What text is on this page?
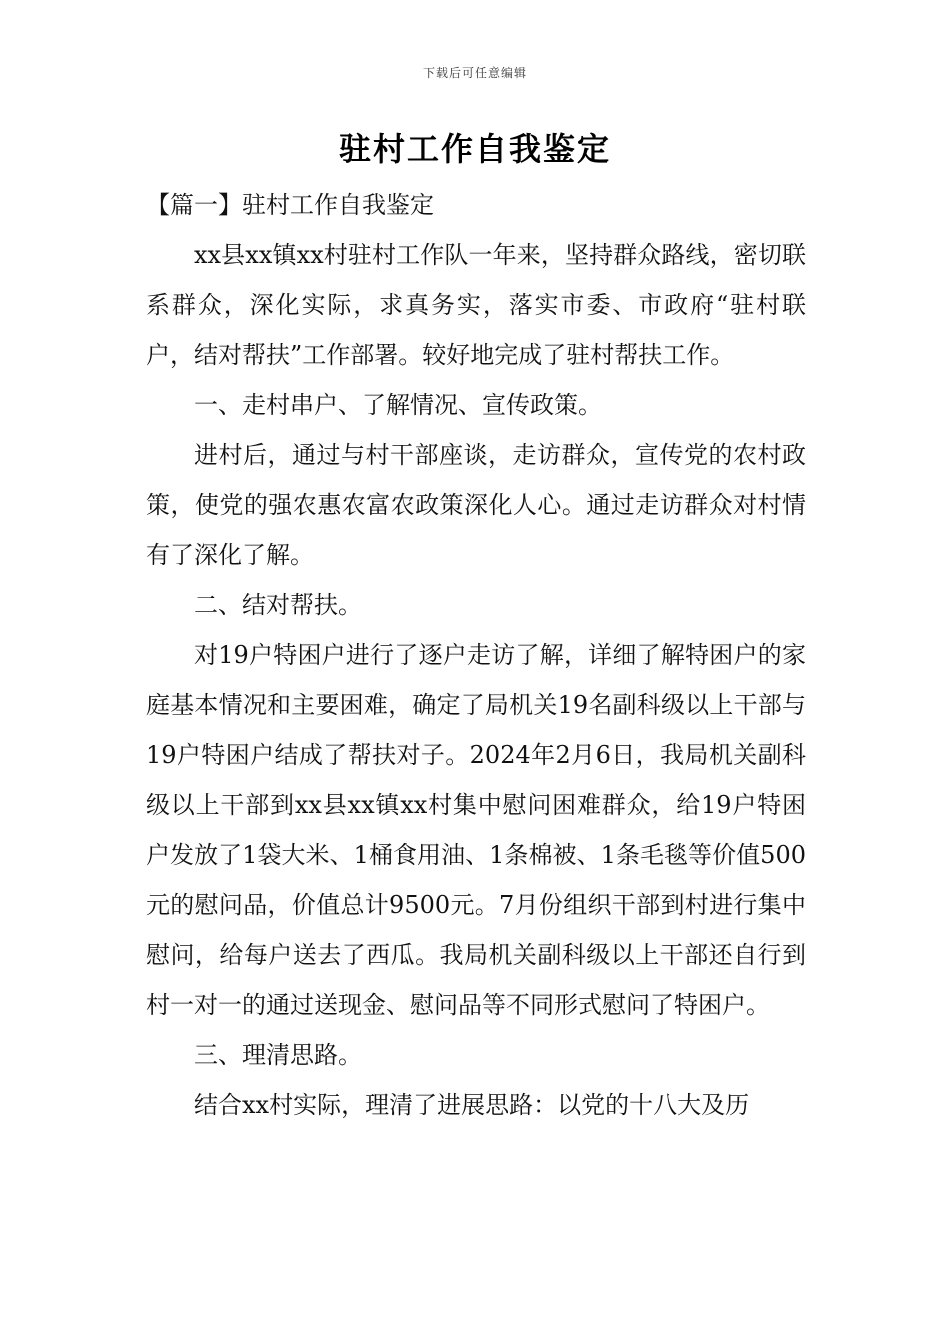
下载后可任意编辑
驻村工作自我鉴定

【篇一】驻村工作自我鉴定

xx县xx镇xx村驻村工作队一年来，坚持群众路线，密切联系群众，深化实际，求真务实，落实市委、市政府“驻村联户，结对帮扶”工作部署。较好地完成了驻村帮扶工作。

一、走村串户、了解情况、宣传政策。

进村后，通过与村干部座谈，走访群众，宣传党的农村政策，使党的强农惠农富农政策深化人心。通过走访群众对村情有了深化了解。

二、结对帮扶。

对19户特困户进行了逐户走访了解，详细了解特困户的家庭基本情况和主要困难，确定了局机关19名副科级以上干部与19户特困户结成了帮扶对子。2024年2月6日，我局机关副科级以上干部到xx县xx镇xx村集中慰问困难群众，给19户特困户发放了1袋大米、1桶食用油、1条棉被、1条毛毯等价值500元的慰问品，价值总计9500元。7月份组织干部到村进行集中慰问，给每户送去了西瓜。我局机关副科级以上干部还自行到村一对一的通过送现金、慰问品等不同形式慰问了特困户。

三、理清思路。

结合xx村实际，理清了进展思路：以党的十八大及历
